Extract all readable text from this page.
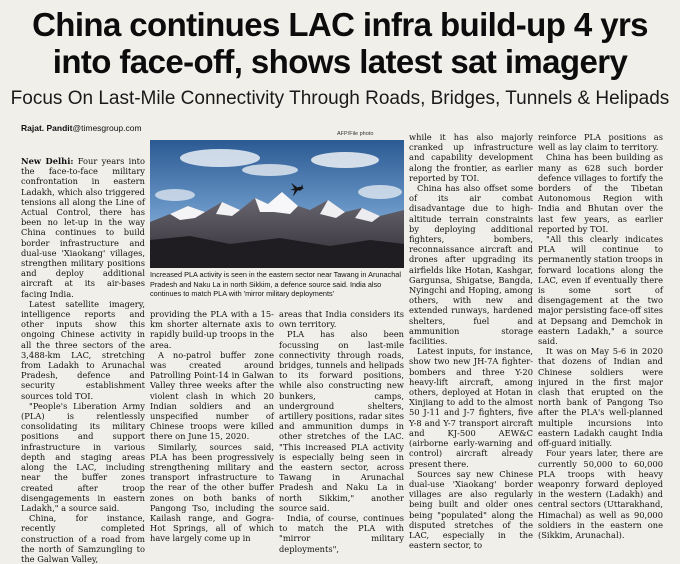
China continues LAC infra build-up 4 yrs
into face-off, shows latest sat imagery
Focus On Last-Mile Connectivity Through Roads, Bridges, Tunnels & Helipads
Rajat. Pandit@timesgroup.com
AFP/File photo
Increased PLA activity is seen in the eastern sector near Tawang in Arunachal Pradesh and Naku La in north Sikkim, a defence source said. India also continues to match PLA with 'mirror military deployments'

New Delhi: Four years into the face-to-face military confrontation in eastern Ladakh, which also triggered tensions all along the Line of Actual Control, there has been no let-up in the way China continues to build border infrastructure and dual-use 'Xiaokang' villages, strengthen military positions and deploy additional aircraft at its air-bases facing India.

Latest satellite imagery, intelligence reports and other inputs show this ongoing Chinese activity in all the three sectors of the 3,488-km LAC, stretching from Ladakh to Arunachal Pradesh, defence and security establishment sources told TOI.

"People's Liberation Army (PLA) is relentlessly consolidating its military positions and support infrastructure in various depth and staging areas along the LAC, including near the buffer zones created after troop disengagements in eastern Ladakh," a source said.

China, for instance, recently completed construction of a road from the north of Samzungling to the Galwan Valley,

providing the PLA with a 15-km shorter alternate axis to rapidly build-up troops in the area.

A no-patrol buffer zone was created around Patrolling Point-14 in Galwan Valley three weeks after the violent clash in which 20 Indian soldiers and an unspecified number of Chinese troops were killed there on June 15, 2020.

Similarly, sources said, PLA has been progressively strengthening military and transport infrastructure to the rear of the other buffer zones on both banks of Pangong Tso, including the Kailash range, and Gogra-Hot Springs, all of which have largely come up in

areas that India considers its own territory.

PLA has also been focussing on last-mile connectivity through roads, bridges, tunnels and helipads to its forward positions, while also constructing new bunkers, camps, underground shelters, artillery positions, radar sites and ammunition dumps in other stretches of the LAC. "This increased PLA activity is especially being seen in the eastern sector, across Tawang in Arunachal Pradesh and Naku La in north Sikkim," another source said.

India, of course, continues to match the PLA with "mirror military deployments",

while it has also majorly cranked up infrastructure and capability development along the frontier, as earlier reported by TOI.

China has also offset some of its air combat disadvantage due to high-altitude terrain constraints by deploying additional fighters, bombers, reconnaissance aircraft and drones after upgrading its airfields like Hotan, Kashgar, Gargunsa, Shigatse, Bangda, Nyingchi and Hoping, among others, with new and extended runways, hardened shelters, fuel and ammunition storage facilities.

Latest inputs, for instance, show two new JH-7A fighter-bombers and three Y-20 heavy-lift aircraft, among others, deployed at Hotan in Xinjiang to add to the almost 50 J-11 and J-7 fighters, five Y-8 and Y-7 transport aircraft and KJ-500 AEW&C (airborne early-warning and control) aircraft already present there.

Sources say new Chinese dual-use 'Xiaokang' border villages are also regularly being built and older ones being "populated" along the disputed stretches of the LAC, especially in the eastern sector, to

reinforce PLA positions as well as lay claim to territory.

China has been building as many as 628 such border defence villages to fortify the borders of the Tibetan Autonomous Region with India and Bhutan over the last few years, as earlier reported by TOI.

"All this clearly indicates PLA will continue to permanently station troops in forward locations along the LAC, even if eventually there is some sort of disengagement at the two major persisting face-off sites at Depsang and Demchok in eastern Ladakh," a source said.

It was on May 5-6 in 2020 that dozens of Indian and Chinese soldiers were injured in the first major clash that erupted on the north bank of Pangong Tso after the PLA's well-planned multiple incursions into eastern Ladakh caught India off-guard initially.

Four years later, there are currently 50,000 to 60,000 PLA troops with heavy weaponry forward deployed in the western (Ladakh) and central sectors (Uttarakhand, Himachal) as well as 90,000 soldiers in the eastern one (Sikkim, Arunachal).
